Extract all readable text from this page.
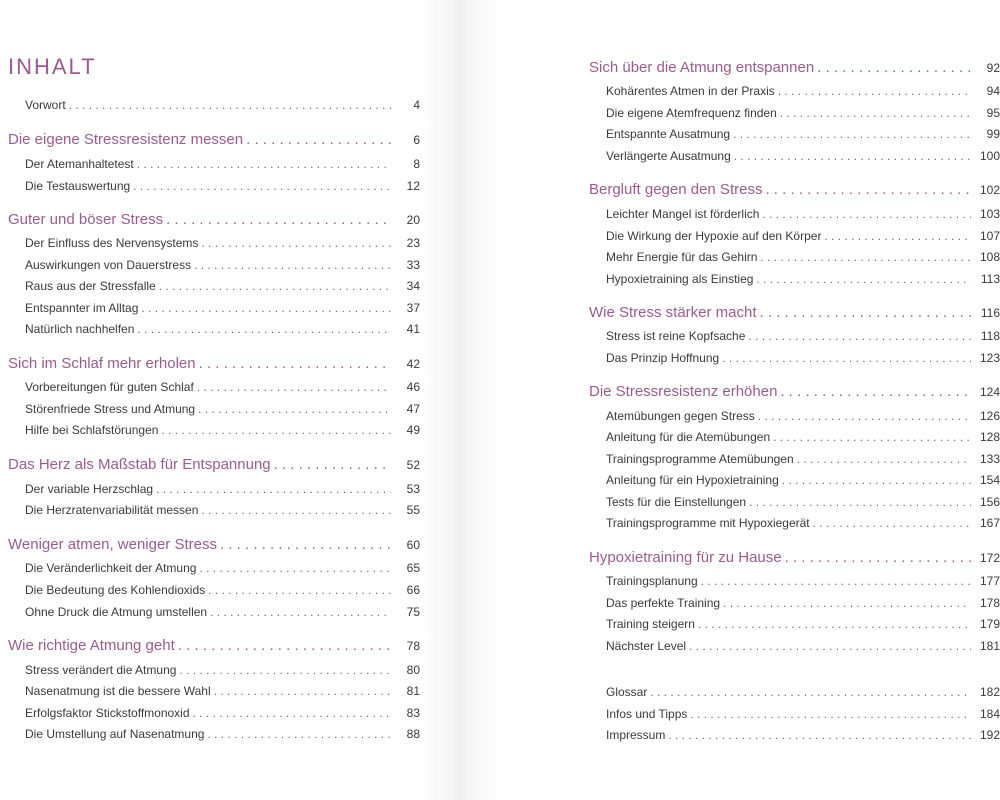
INHALT
Vorwort . . .	4
Die eigene Stressresistenz messen . . .	6
Der Atemanhaltetest . . .	8
Die Testauswertung . . .	12
Guter und böser Stress . . .	20
Der Einfluss des Nervensystems . . .	23
Auswirkungen von Dauerstress . . .	33
Raus aus der Stressfalle . . .	34
Entspannter im Alltag . . .	37
Natürlich nachhelfen . . .	41
Sich im Schlaf mehr erholen . . .	42
Vorbereitungen für guten Schlaf . . .	46
Störenfriede Stress und Atmung . . .	47
Hilfe bei Schlafstörungen . . .	49
Das Herz als Maßstab für Entspannung . . .	52
Der variable Herzschlag . . .	53
Die Herzratenvariabilität messen . . .	55
Weniger atmen, weniger Stress . . .	60
Die Veränderlichkeit der Atmung . . .	65
Die Bedeutung des Kohlendioxids . . .	66
Ohne Druck die Atmung umstellen . . .	75
Wie richtige Atmung geht . . .	78
Stress verändert die Atmung . . .	80
Nasenatmung ist die bessere Wahl . . .	81
Erfolgsfaktor Stickstoffmonoxid . . .	83
Die Umstellung auf Nasenatmung . . .	88
Sich über die Atmung entspannen . . .	92
Kohärentes Atmen in der Praxis . . .	94
Die eigene Atemfrequenz finden . . .	95
Entspannte Ausatmung . . .	99
Verlängerte Ausatmung . . .	100
Bergluft gegen den Stress . . .	102
Leichter Mangel ist förderlich . . .	103
Die Wirkung der Hypoxie auf den Körper . . .	107
Mehr Energie für das Gehirn . . .	108
Hypoxietraining als Einstieg . . .	113
Wie Stress stärker macht . . .	116
Stress ist reine Kopfsache . . .	118
Das Prinzip Hoffnung . . .	123
Die Stressresistenz erhöhen . . .	124
Atemübungen gegen Stress . . .	126
Anleitung für die Atemübungen . . .	128
Trainingsprogramme Atemübungen . . .	133
Anleitung für ein Hypoxietraining . . .	154
Tests für die Einstellungen . . .	156
Trainingsprogramme mit Hypoxiegerät . . .	167
Hypoxietraining für zu Hause . . .	172
Trainingsplanung . . .	177
Das perfekte Training . . .	178
Training steigern . . .	179
Nächster Level . . .	181
Glossar . . .	182
Infos und Tipps . . .	184
Impressum . . .	192
